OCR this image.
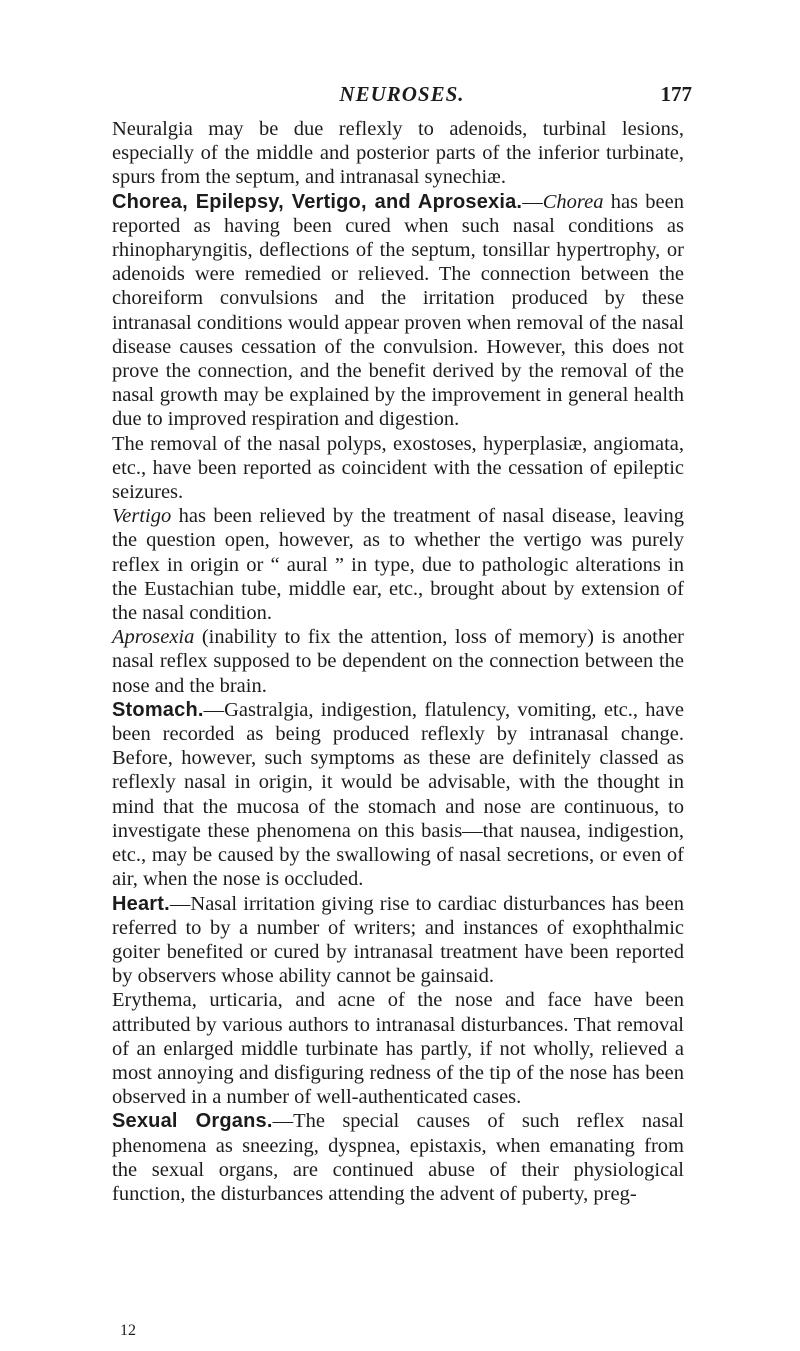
NEUROSES.	177

Neuralgia may be due reflexly to adenoids, turbinal lesions, especially of the middle and posterior parts of the inferior turbinate, spurs from the septum, and intranasal synechiæ.

Chorea, Epilepsy, Vertigo, and Aprosexia.—Chorea has been reported as having been cured when such nasal conditions as rhinopharyngitis, deflections of the septum, tonsillar hypertrophy, or adenoids were remedied or relieved. The connection between the choreiform convulsions and the irritation produced by these intranasal conditions would appear proven when removal of the nasal disease causes cessation of the convulsion. However, this does not prove the connection, and the benefit derived by the removal of the nasal growth may be explained by the improvement in general health due to improved respiration and digestion.

The removal of the nasal polyps, exostoses, hyperplasiæ, angiomata, etc., have been reported as coincident with the cessation of epileptic seizures.

Vertigo has been relieved by the treatment of nasal disease, leaving the question open, however, as to whether the vertigo was purely reflex in origin or “ aural ” in type, due to pathologic alterations in the Eustachian tube, middle ear, etc., brought about by extension of the nasal condition.

Aprosexia (inability to fix the attention, loss of memory) is another nasal reflex supposed to be dependent on the connection between the nose and the brain.

Stomach.—Gastralgia, indigestion, flatulency, vomiting, etc., have been recorded as being produced reflexly by intranasal change. Before, however, such symptoms as these are definitely classed as reflexly nasal in origin, it would be advisable, with the thought in mind that the mucosa of the stomach and nose are continuous, to investigate these phenomena on this basis—that nausea, indigestion, etc., may be caused by the swallowing of nasal secretions, or even of air, when the nose is occluded.

Heart.—Nasal irritation giving rise to cardiac disturbances has been referred to by a number of writers; and instances of exophthalmic goiter benefited or cured by intranasal treatment have been reported by observers whose ability cannot be gainsaid.

Erythema, urticaria, and acne of the nose and face have been attributed by various authors to intranasal disturbances. That removal of an enlarged middle turbinate has partly, if not wholly, relieved a most annoying and disfiguring redness of the tip of the nose has been observed in a number of well-authenticated cases.

Sexual Organs.—The special causes of such reflex nasal phenomena as sneezing, dyspnea, epistaxis, when emanating from the sexual organs, are continued abuse of their physiological function, the disturbances attending the advent of puberty, preg-

12
